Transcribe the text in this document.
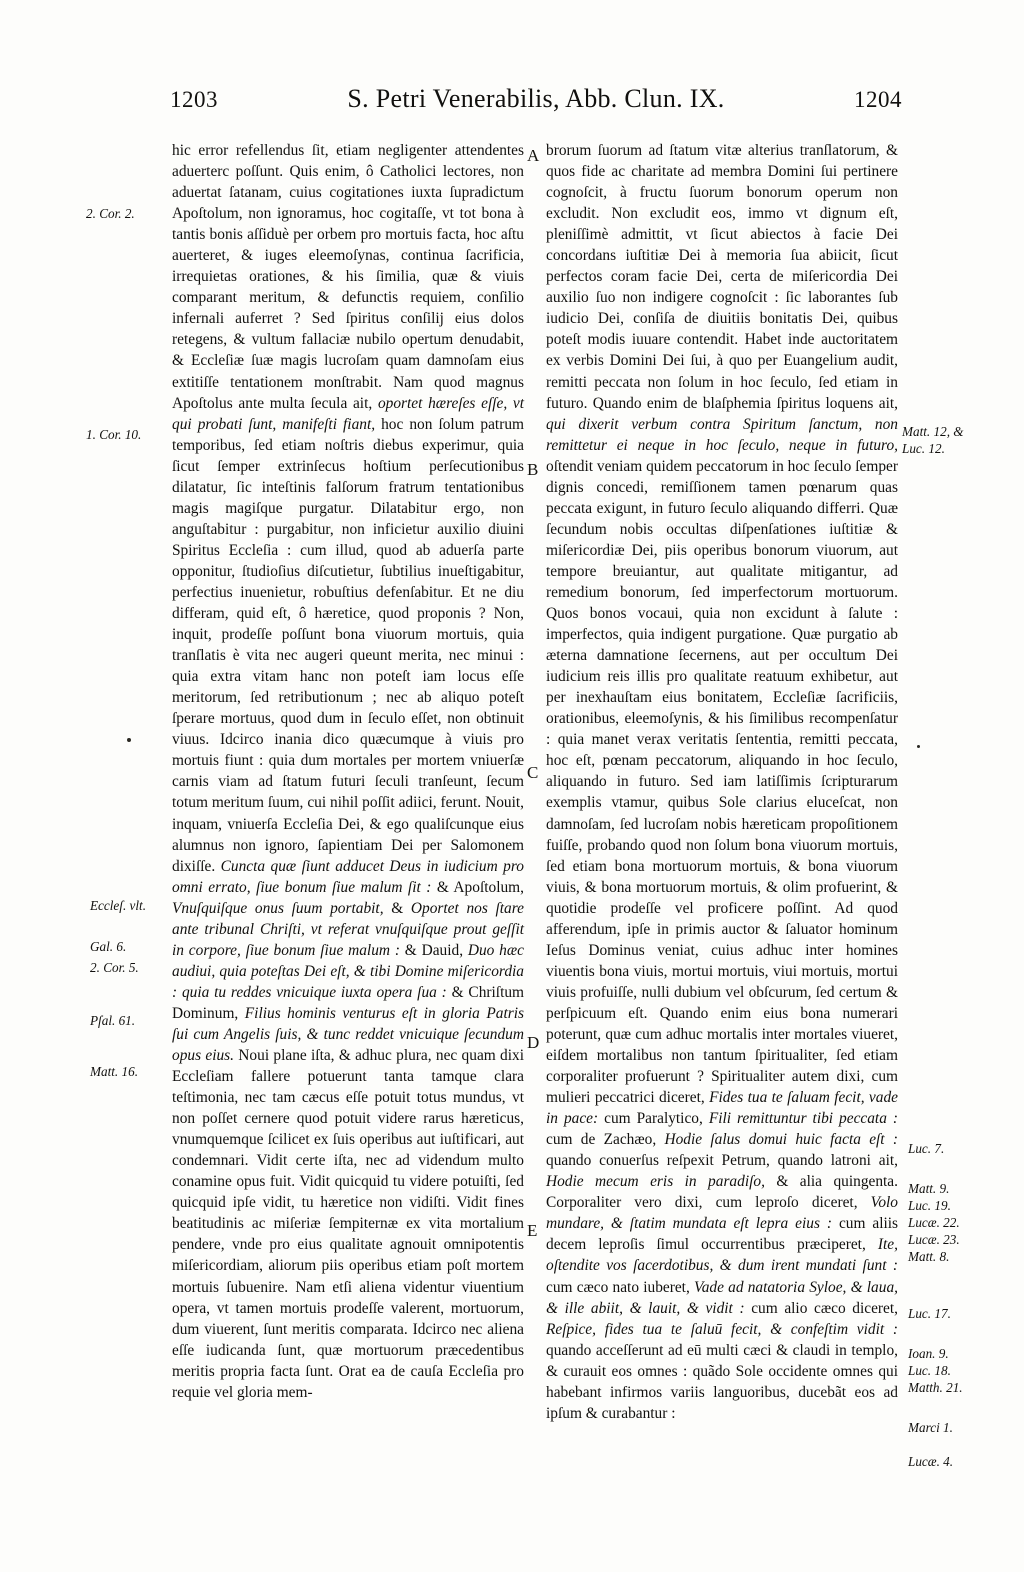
1203	S. Petri Venerabilis, Abb. Clun. IX.	1204

hic error refellendus ſit, etiam negligenter attendentes aduerterc poſſunt. Quis enim, ô Catholici lectores, non aduertat ſatanam, cuius cogitationes iuxta ſupradictum Apoſtolum, non ignoramus, hoc cogitaſſe, vt tot bona à tantis bonis aſſiduè per orbem pro mortuis facta, hoc aſtu auerteret, & iuges eleemoſynas, continua ſacrificia, irrequietas orationes, & his ſimilia, quæ & viuis comparant meritum, & defunctis requiem, conſilio infernali auferret ? Sed ſpiritus conſilij eius dolos retegens, & vultum fallaciæ nubilo opertum denudabit, & Eccleſiæ ſuæ magis lucroſam quam damnoſam eius extitiſſe tentationem monſtrabit. Nam quod magnus Apoſtolus ante multa ſecula ait, oportet hæreſes eſſe, vt qui probati ſunt, manifeſti fiant, hoc non ſolum patrum temporibus, ſed etiam noſtris diebus experimur, quia ſicut ſemper extrinſecus hoſtium perſecutionibus dilatatur, ſic inteſtinis falſorum fratrum tentationibus magis magiſque purgatur. Dilatabitur ergo, non anguſtabitur : purgabitur, non inficietur auxilio diuini Spiritus Eccleſia : cum illud, quod ab aduerſa parte opponitur, ſtudioſius diſcutietur, ſubtilius inueſtigabitur, perfectius inuenietur, robuſtius defenſabitur. Et ne diu differam, quid eſt, ô hæretice, quod proponis ? Non, inquit, prodeſſe poſſunt bona viuorum mortuis, quia tranſlatis è vita nec augeri queunt merita, nec minui : quia extra vitam hanc non poteſt iam locus eſſe meritorum, ſed retributionum ; nec ab aliquo poteſt ſperare mortuus, quod dum in ſeculo eſſet, non obtinuit viuus. Idcirco inania dico quæcumque à viuis pro mortuis fiunt : quia dum mortales per mortem vniuerſæ carnis viam ad ſtatum futuri ſeculi tranſeunt, ſecum totum meritum ſuum, cui nihil poſſit adiici, ferunt. Nouit, inquam, vniuerſa Eccleſia Dei, & ego qualiſcunque eius alumnus non ignoro, ſapientiam Dei per Salomonem dixiſſe. Cuncta quæ ſiunt adducet Deus in iudicium pro omni errato, ſiue bonum ſiue malum ſit : & Apoſtolum, Vnuſquiſque onus ſuum portabit, & Oportet nos ſtare ante tribunal Chriſti, vt referat vnuſquiſque prout geſſit in corpore, ſiue bonum ſiue malum : & Dauid, Duo hæc audiui, quia poteſtas Dei eſt, & tibi Domine miſericordia : quia tu reddes vnicuique iuxta opera ſua : & Chriſtum Dominum, Filius hominis venturus eſt in gloria Patris ſui cum Angelis ſuis, & tunc reddet vnicuique ſecundum opus eius. Noui plane iſta, & adhuc plura, nec quam dixi Eccleſiam fallere potuerunt tanta tamque clara teſtimonia, nec tam cæcus eſſe potuit totus mundus, vt non poſſet cernere quod potuit videre rarus hæreticus, vnumquemque ſcilicet ex ſuis operibus aut iuſtificari, aut condemnari. Vidit certe iſta, nec ad videndum multo conamine opus fuit. Vidit quicquid tu videre potuiſti, ſed quicquid ipſe vidit, tu hæretice non vidiſti. Vidit fines beatitudinis ac miſeriæ ſempiternæ ex vita mortalium pendere, vnde pro eius qualitate agnouit omnipotentis miſericordiam, aliorum piis operibus etiam poſt mortem mortuis ſubuenire. Nam etſi aliena videntur viuentium opera, vt tamen mortuis prodeſſe valerent, mortuorum, dum viuerent, ſunt meritis comparata. Idcirco nec aliena eſſe iudicanda ſunt, quæ mortuorum præcedentibus meritis propria facta ſunt. Orat ea de cauſa Eccleſia pro requie vel gloria mem-

brorum ſuorum ad ſtatum vitæ alterius tranſlatorum, & quos fide ac charitate ad membra Domini ſui pertinere cognoſcit, à fructu ſuorum bonorum operum non excludit. Non excludit eos, immo vt dignum eſt, pleniſſimè admittit, vt ſicut abiectos à facie Dei concordans iuſtitiæ Dei à memoria ſua abiicit, ſicut perfectos coram facie Dei, certa de miſericordia Dei auxilio ſuo non indigere cognoſcit : ſic laborantes ſub iudicio Dei, conſiſa de diuitiis bonitatis Dei, quibus poteſt modis iuuare contendit. Habet inde auctoritatem ex verbis Domini Dei ſui, à quo per Euangelium audit, remitti peccata non ſolum in hoc ſeculo, ſed etiam in futuro. Quando enim de blaſphemia ſpiritus loquens ait, qui dixerit verbum contra Spiritum ſanctum, non remittetur ei neque in hoc ſeculo, neque in futuro, oſtendit veniam quidem peccatorum in hoc ſeculo ſemper dignis concedi, remiſſionem tamen pœnarum quas peccata exigunt, in futuro ſeculo aliquando differri. Quæ ſecundum nobis occultas diſpenſationes iuſtitiæ & miſericordiæ Dei, piis operibus bonorum viuorum, aut tempore breuiantur, aut qualitate mitigantur, ad remedium bonorum, ſed imperfectorum mortuorum. Quos bonos vocaui, quia non excidunt à ſalute : imperfectos, quia indigent purgatione. Quæ purgatio ab æterna damnatione ſecernens, aut per occultum Dei iudicium reis illis pro qualitate reatuum exhibetur, aut per inexhauſtam eius bonitatem, Eccleſiæ ſacrificiis, orationibus, eleemoſynis, & his ſimilibus recompenſatur : quia manet verax veritatis ſententia, remitti peccata, hoc eſt, pœnam peccatorum, aliquando in hoc ſeculo, aliquando in futuro. Sed iam latiſſimis ſcripturarum exemplis vtamur, quibus Sole clarius eluceſcat, non damnoſam, ſed lucroſam nobis hæreticam propoſitionem fuiſſe, probando quod non ſolum bona viuorum mortuis, ſed etiam bona mortuorum mortuis, & bona viuorum viuis, & bona mortuorum mortuis, & olim profuerint, & quotidie prodeſſe vel proficere poſſint. Ad quod afferendum, ipſe in primis auctor & ſaluator hominum Ieſus Dominus veniat, cuius adhuc inter homines viuentis bona viuis, mortui mortuis, viui mortuis, mortui viuis profuiſſe, nulli dubium vel obſcurum, ſed certum & perſpicuum eſt. Quando enim eius bona numerari poterunt, quæ cum adhuc mortalis inter mortales viueret, eiſdem mortalibus non tantum ſpiritualiter, ſed etiam corporaliter profuerunt ? Spiritualiter autem dixi, cum mulieri peccatrici diceret, Fides tua te ſaluam fecit, vade in pace: cum Paralytico, Fili remittuntur tibi peccata : cum de Zachæo, Hodie ſalus domui huic facta eſt : quando conuerſus reſpexit Petrum, quando latroni ait, Hodie mecum eris in paradiſo, & alia quingenta. Corporaliter vero dixi, cum leproſo diceret, Volo mundare, & ſtatim mundata eſt lepra eius : cum aliis decem leproſis ſimul occurrentibus præciperet, Ite, oſtendite vos ſacerdotibus, & dum irent mundati ſunt : cum cæco nato iuberet, Vade ad natatoria Syloe, & laua, & ille abiit, & lauit, & vidit : cum alio cæco diceret, Reſpice, fides tua te ſaluū fecit, & confeſtim vidit : quando acceſſerunt ad eū multi cæci & claudi in templo, & curauit eos omnes : quãdo Sole occidente omnes qui habebant infirmos variis languoribus, ducebãt eos ad ipſum & curabantur :

2. Cor. 2.
1. Cor. 10.
Eccleſ. vlt.
Gal. 6.
2. Cor. 5.
Pſal. 61.
Matt. 16.
Matt. 12, &
Luc. 12.
Luc. 7.
Matt. 9.
Luc. 19.
Lucæ. 22.
Lucæ. 23.
Matt. 8.
Luc. 17.
Ioan. 9.
Luc. 18.
Matth. 21.
Marci 1.
Lucæ. 4.
A
B
C
D
E
